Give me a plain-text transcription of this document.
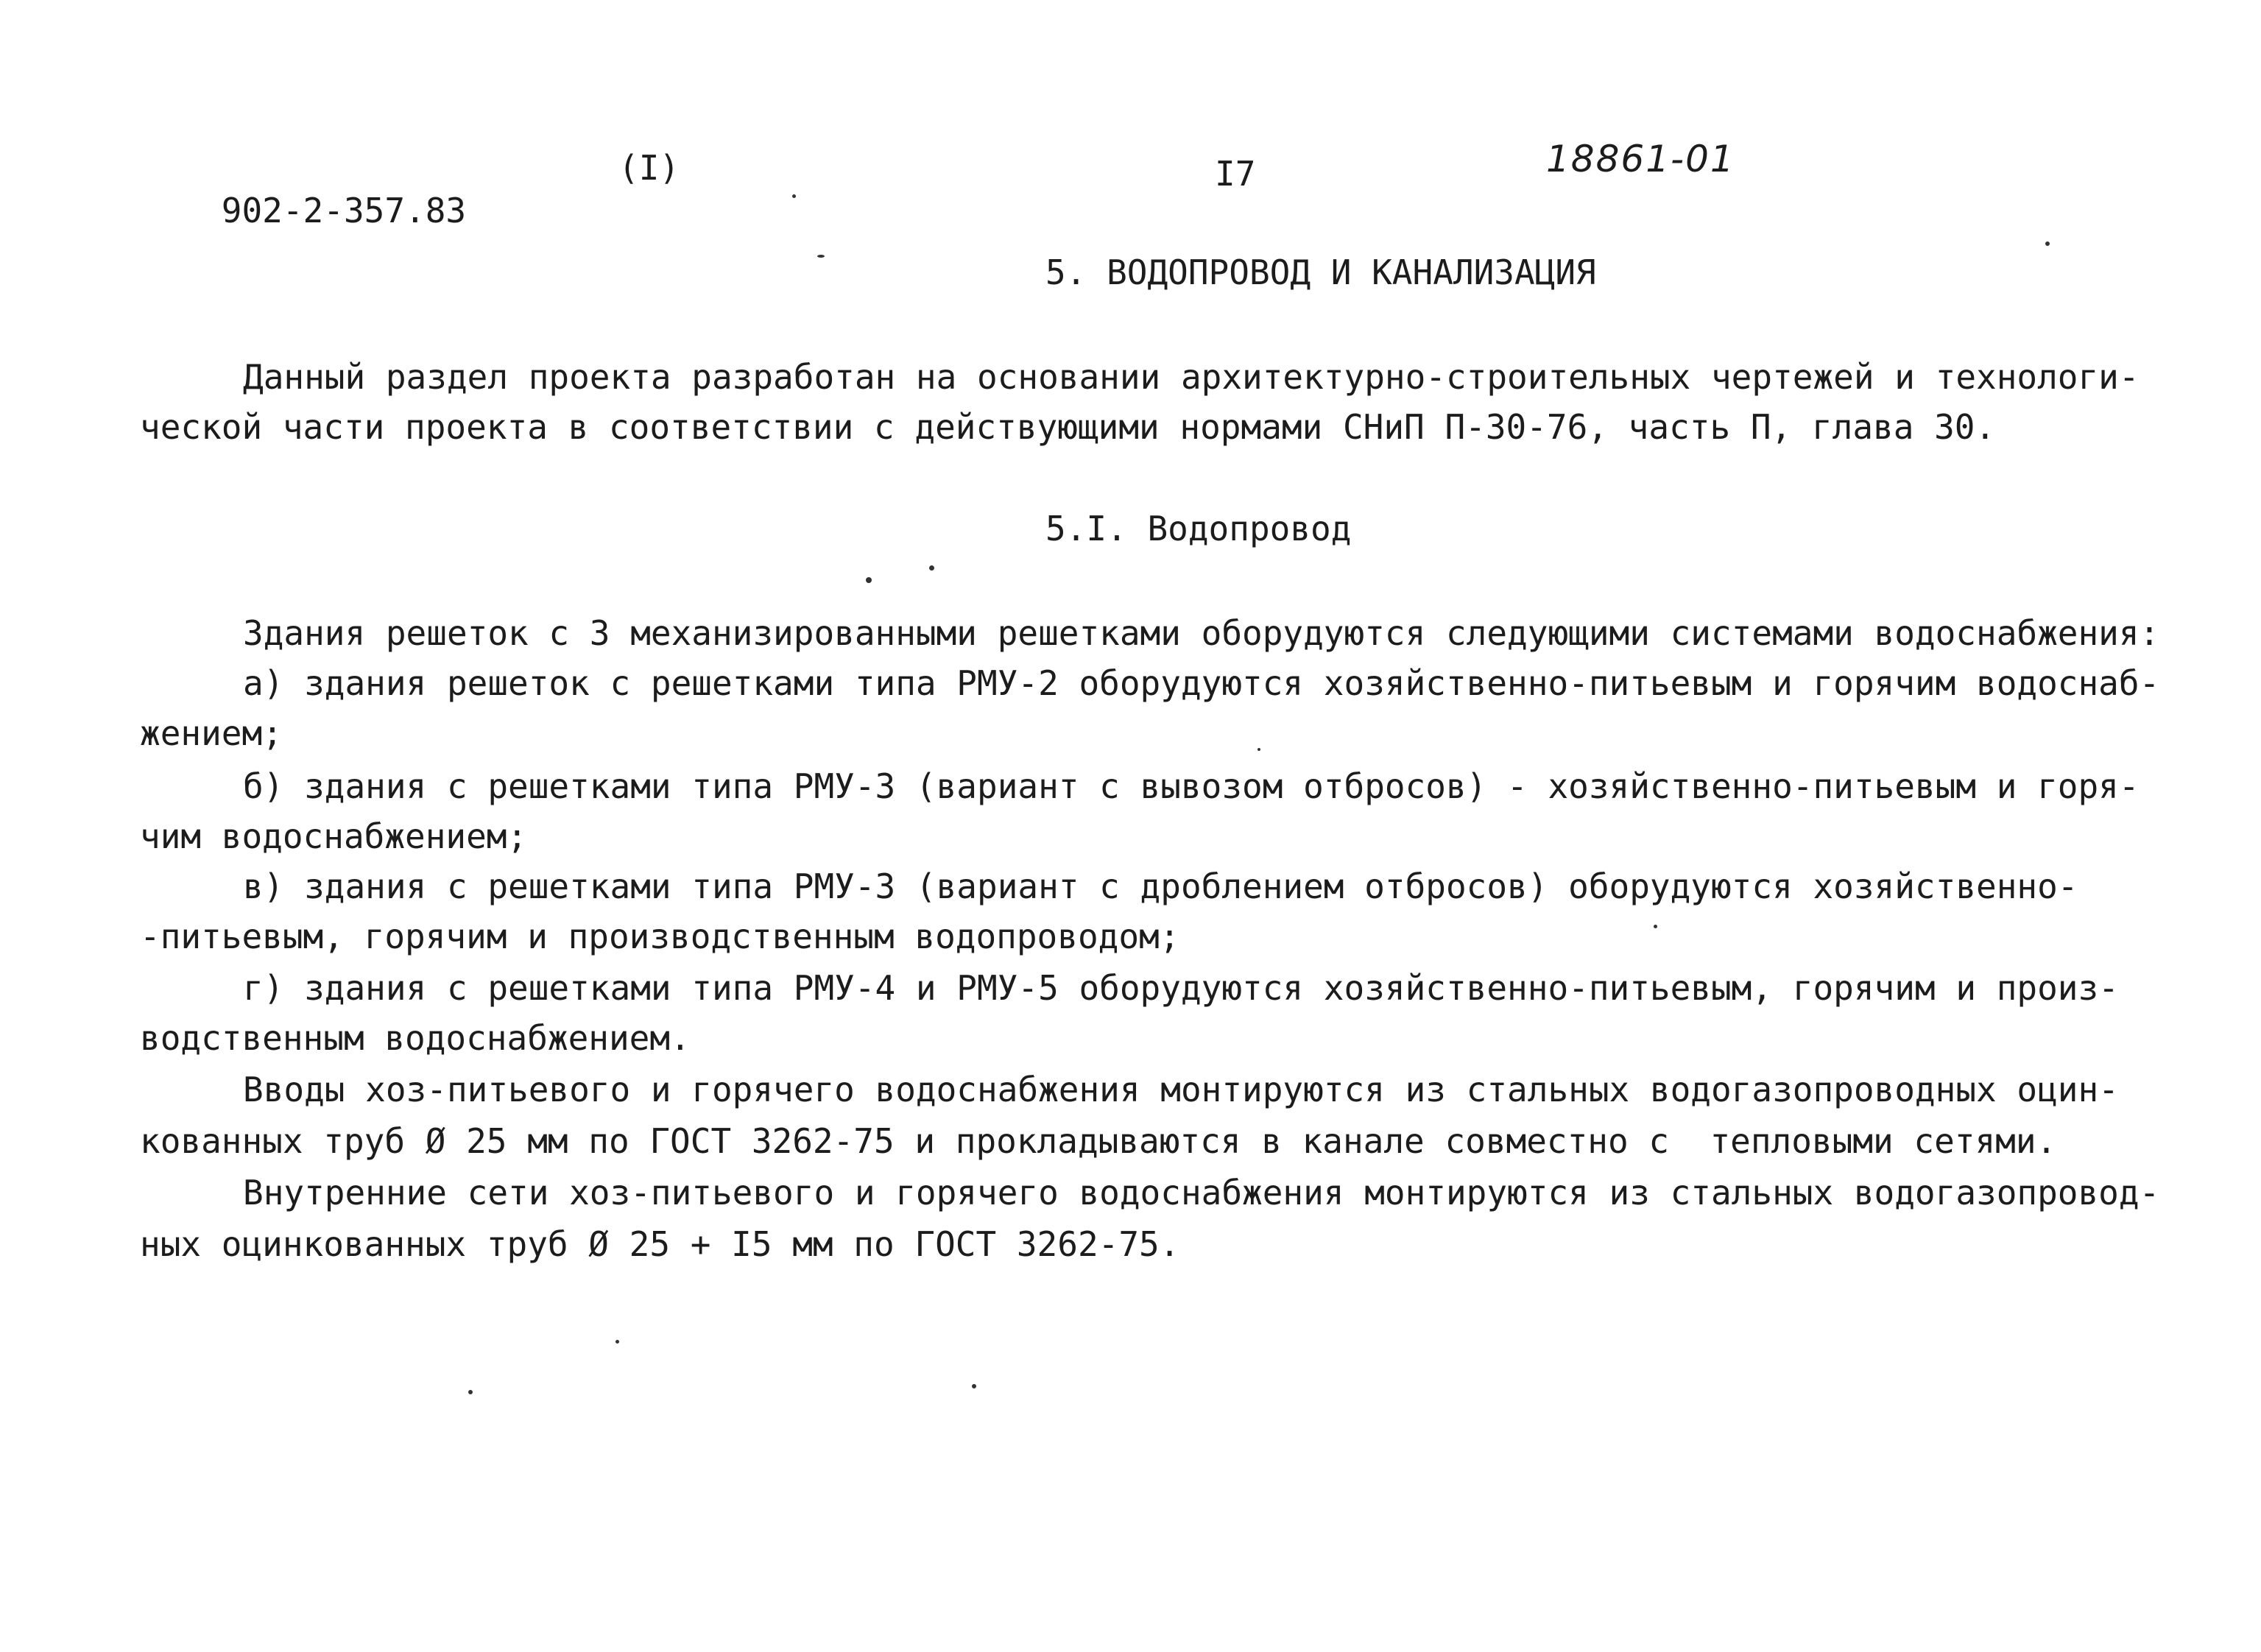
902-2-357.83

(I)	I7	18861-01
5. ВОДОПРОВОД И КАНАЛИЗАЦИЯ
Данный раздел проекта разработан на основании архитектурно-строительных чертежей и технологи-
ческой части проекта в соответствии с действующими нормами СНиП П-30-76, часть П, глава 30.
5.I. Водопровод
Здания решеток с 3 механизированными решетками оборудуются следующими системами водоснабжения:
а) здания решеток с решетками типа РМУ-2 оборудуются хозяйственно-питьевым и горячим водоснаб-
жением;
б) здания с решетками типа РМУ-3 (вариант с вывозом отбросов) - хозяйственно-питьевым и горя-
чим водоснабжением;
в) здания с решетками типа РМУ-3 (вариант с дроблением отбросов) оборудуются хозяйственно-
-питьевым, горячим и производственным водопроводом;
г) здания с решетками типа РМУ-4 и РМУ-5 оборудуются хозяйственно-питьевым, горячим и произ-
водственным водоснабжением.
Вводы хоз-питьевого и горячего водоснабжения монтируются из стальных водогазопроводных оцин-
кованных труб Ø 25 мм по ГОСТ 3262-75 и прокладываются в канале совместно с  тепловыми сетями.
Внутренние сети хоз-питьевого и горячего водоснабжения монтируются из стальных водогазопровод-
ных оцинкованных труб Ø 25 + I5 мм по ГОСТ 3262-75.
